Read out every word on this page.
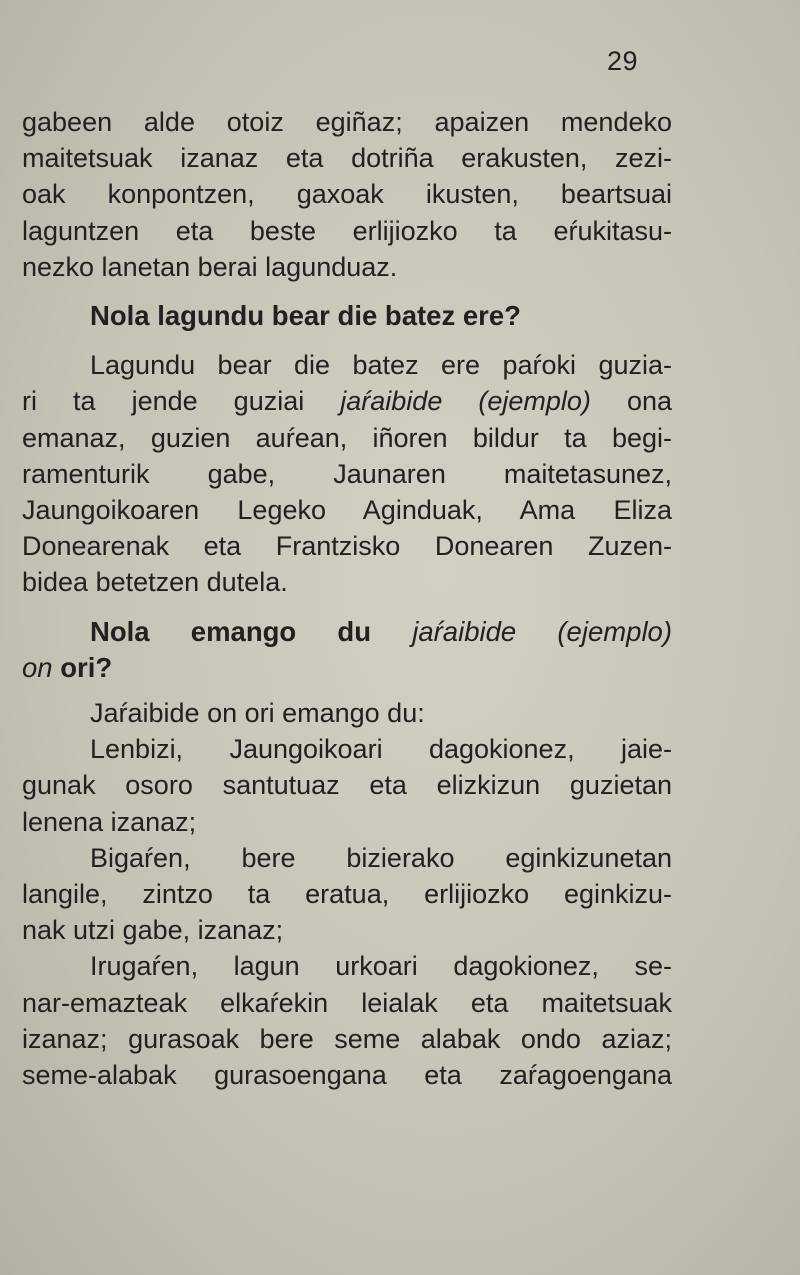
29

gabeen alde otoiz egiñaz; apaizen mendeko
maitetsuak izanaz eta dotriña erakusten, zezi-
oak konpontzen, gaxoak ikusten, beartsuai
laguntzen eta beste erlijiozko ta eŕukitasu-
nezko lanetan berai lagunduaz.

Nola lagundu bear die batez ere?

Lagundu bear die batez ere paŕoki guzia-
ri ta jende guziai jaŕaibide (ejemplo) ona
emanaz, guzien auŕean, iñoren bildur ta begi-
ramenturik gabe, Jaunaren maitetasunez,
Jaungoikoaren Legeko Aginduak, Ama Eliza
Donearenak eta Frantzisko Donearen Zuzen-
bidea betetzen dutela.

Nola emango du jaŕaibide (ejemplo)
on ori?

Jaŕaibide on ori emango du:

Lenbizi, Jaungoikoari dagokionez, jaie-
gunak osoro santutuaz eta elizkizun guzietan
lenena izanaz;

Bigaŕen, bere bizierako eginkizunetan
langile, zintzo ta eratua, erlijiozko eginkizu-
nak utzi gabe, izanaz;

Irugaŕen, lagun urkoari dagokionez, se-
nar-emazteak elkaŕekin leialak eta maitetsuak
izanaz; gurasoak bere seme alabak ondo aziaz;
seme-alabak gurasoengana eta zaŕagoengana
